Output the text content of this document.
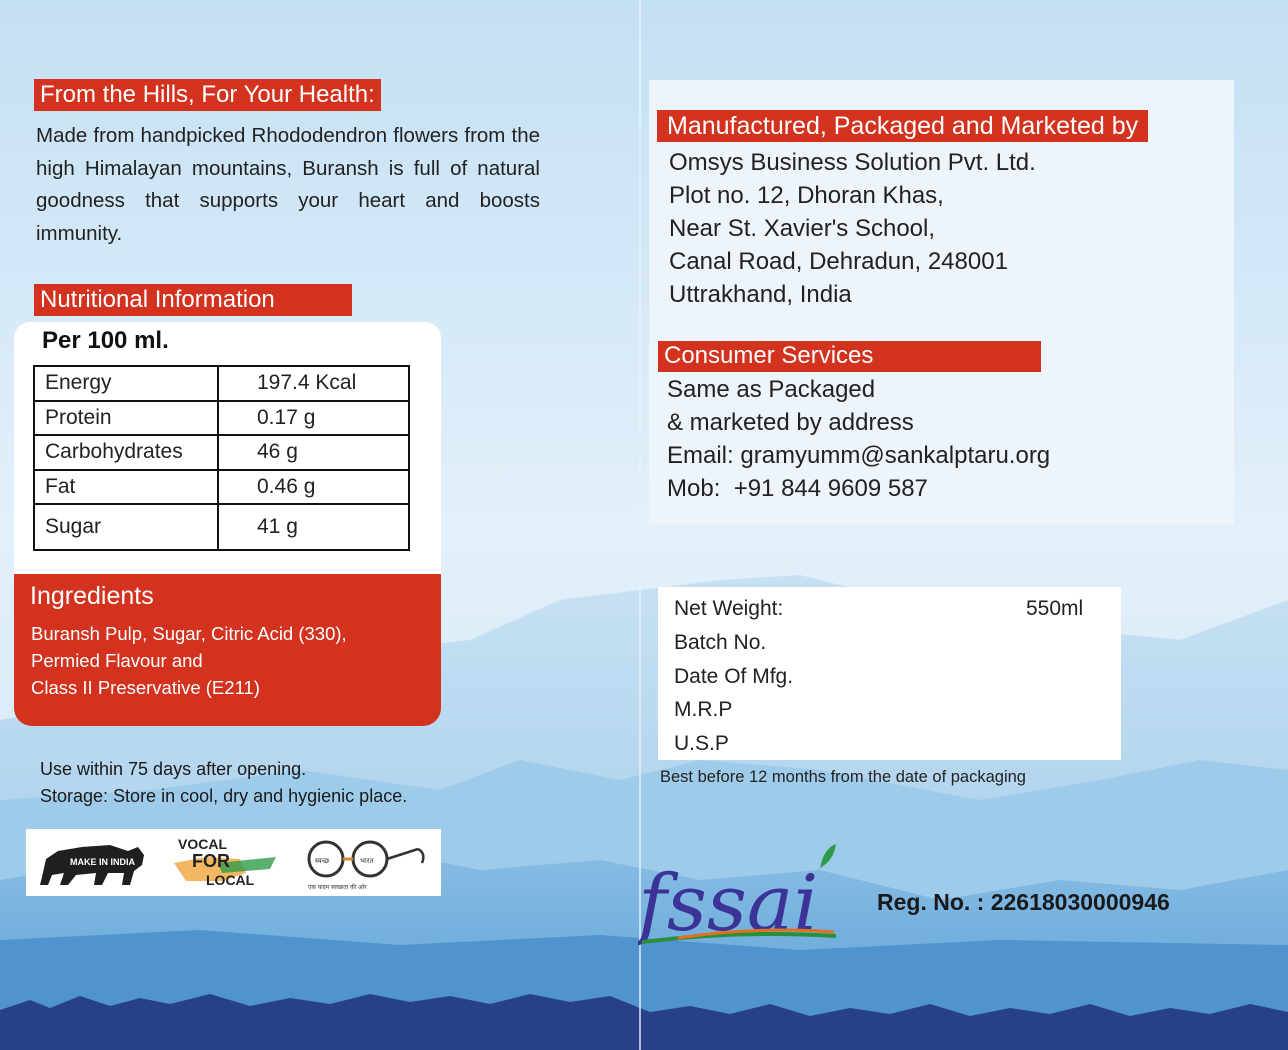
From the Hills, For Your Health:
Made from handpicked Rhododendron flowers from the high Himalayan mountains, Buransh is full of natural goodness that supports your heart and boosts immunity.
Nutritional Information
Per 100 ml.
Energy	197.4 Kcal
Protein	0.17 g
Carbohydrates	46 g
Fat	0.46 g
Sugar	41 g
Ingredients
Buransh Pulp, Sugar, Citric Acid (330),
Permied Flavour and
Class II Preservative (E211)
Use within 75 days after opening.
Storage: Store in cool, dry and hygienic place.
MAKE IN INDIA
VOCAL
FOR
LOCAL
स्वच्छ	भारत
एक कदम स्वच्छता की ओर
Manufactured, Packaged and Marketed by
Omsys Business Solution Pvt. Ltd.
Plot no. 12, Dhoran Khas,
Near St. Xavier's School,
Canal Road, Dehradun, 248001
Uttrakhand, India
Consumer Services
Same as Packaged
& marketed by address
Email: gramyumm@sankalptaru.org
Mob:  +91 844 9609 587
Net Weight:	550ml
Batch No.
Date Of Mfg.
M.R.P
U.S.P
Best before 12 months from the date of packaging
fssai	Reg. No. : 22618030000946
